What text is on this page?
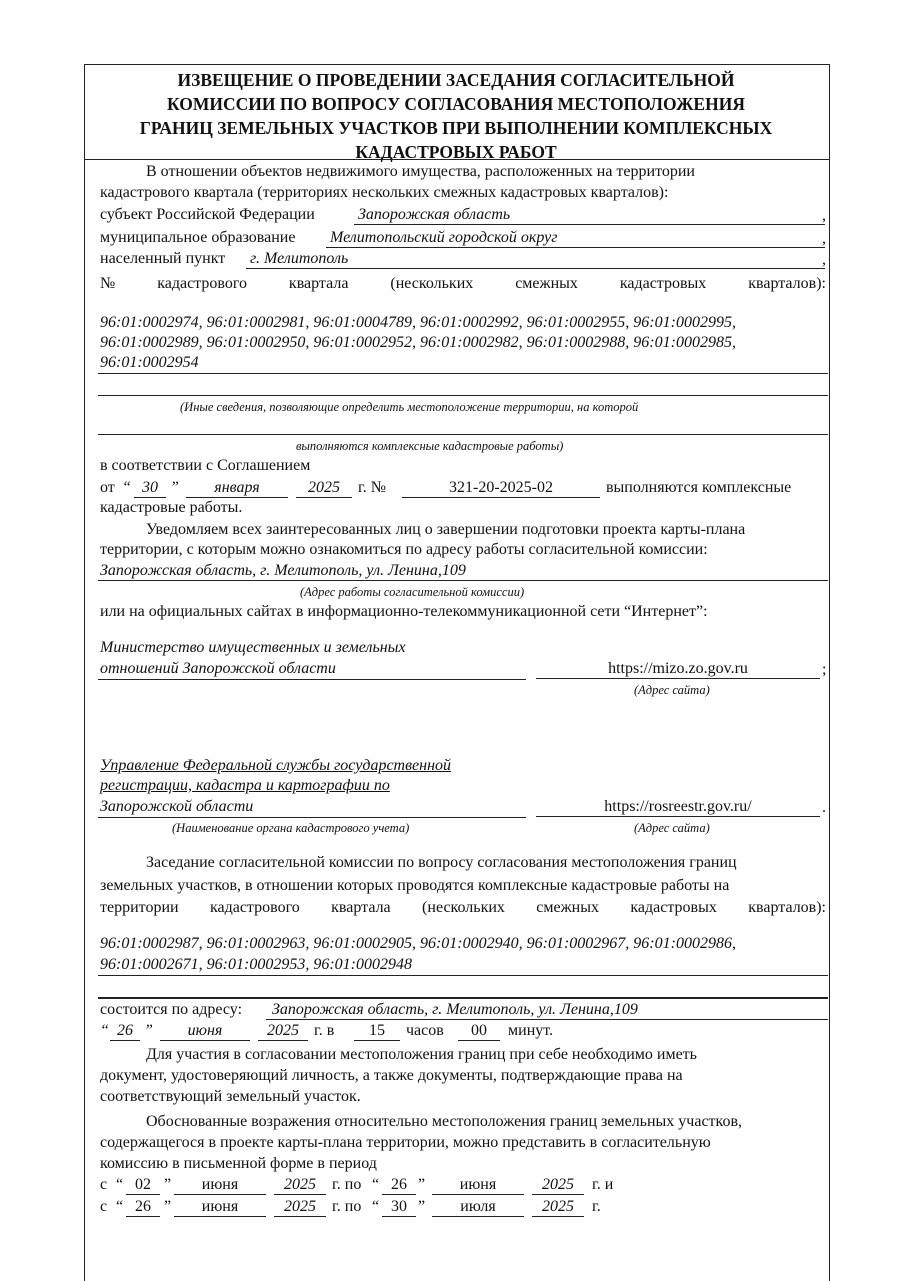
ИЗВЕЩЕНИЕ О ПРОВЕДЕНИИ ЗАСЕДАНИЯ СОГЛАСИТЕЛЬНОЙ
КОМИССИИ ПО ВОПРОСУ СОГЛАСОВАНИЯ МЕСТОПОЛОЖЕНИЯ
ГРАНИЦ ЗЕМЕЛЬНЫХ УЧАСТКОВ ПРИ ВЫПОЛНЕНИИ КОМПЛЕКСНЫХ
КАДАСТРОВЫХ РАБОТ
В отношении объектов недвижимого имущества, расположенных на территории
кадастрового квартала (территориях нескольких смежных кадастровых кварталов):
субъект Российской Федерации	Запорожская область	,
муниципальное образование Мелитопольский городской округ	,
населенный пункт г. Мелитополь	,
№	кадастрового	квартала	(нескольких	смежных	кадастровых	кварталов):
96:01:0002974, 96:01:0002981, 96:01:0004789, 96:01:0002992, 96:01:0002955, 96:01:0002995,
96:01:0002989, 96:01:0002950, 96:01:0002952, 96:01:0002982, 96:01:0002988, 96:01:0002985,
96:01:0002954
(Иные сведения, позволяющие определить местоположение территории, на которой
выполняются комплексные кадастровые работы)
в соответствии с Соглашением
от “ 30 ”	января	2025	г. №	321-20-2025-02	выполняются комплексные
кадастровые работы.
Уведомляем всех заинтересованных лиц о завершении подготовки проекта карты-плана
территории, с которым можно ознакомиться по адресу работы согласительной комиссии:
Запорожская область, г. Мелитополь, ул. Ленина,109
(Адрес работы согласительной комиссии)
или на официальных сайтах в информационно-телекоммуникационной сети “Интернет”:
Министерство имущественных и земельных
отношений Запорожской области	https://mizo.zo.gov.ru	;
(Адрес сайта)
Управление Федеральной службы государственной
регистрации, кадастра и картографии по
Запорожской области
(Наименование органа кадастрового учета)
https://rosreestr.gov.ru/	.
(Адрес сайта)
Заседание согласительной комиссии по вопросу согласования местоположения границ
земельных участков, в отношении которых проводятся комплексные кадастровые работы на
территории кадастрового квартала (нескольких смежных кадастровых кварталов):
96:01:0002987, 96:01:0002963, 96:01:0002905, 96:01:0002940, 96:01:0002967, 96:01:0002986,
96:01:0002671, 96:01:0002953, 96:01:0002948
состоится по адресу:	Запорожская область, г. Мелитополь, ул. Ленина,109
“ 26 ”	июня	2025 г. в	15	часов	00	минут.
Для участия в согласовании местоположения границ при себе необходимо иметь
документ, удостоверяющий личность, а также документы, подтверждающие права на
соответствующий земельный участок.
Обоснованные возражения относительно местоположения границ земельных участков,
содержащегося в проекте карты-плана территории, можно представить в согласительную
комиссию в письменной форме в период
с “ 02 ”	июня	2025	г. по “ 26 ”	июня	2025	г. и
с “ 26 ”	июня	2025	г. по “ 30 ”	июля	2025	г.
